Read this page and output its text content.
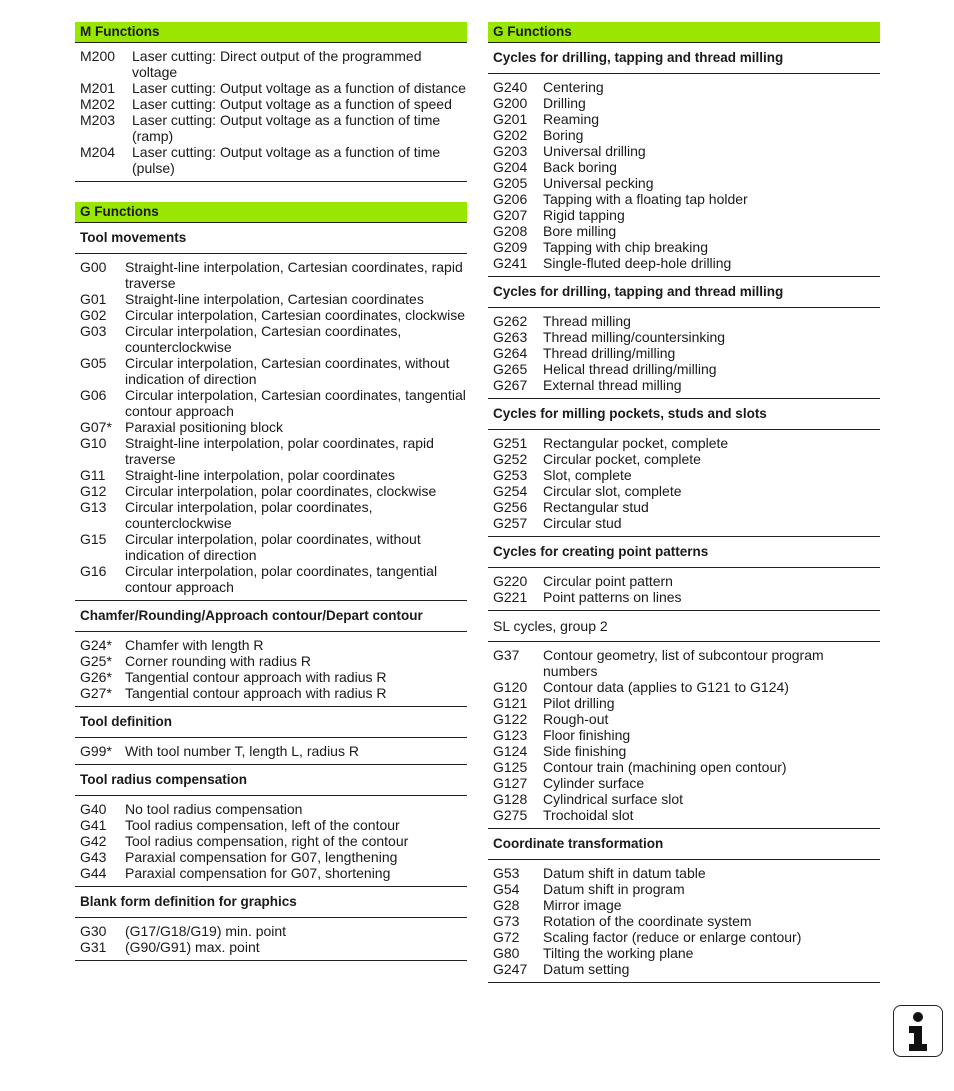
M Functions
M200	Laser cutting: Direct output of the programmed voltage
M201	Laser cutting: Output voltage as a function of distance
M202	Laser cutting: Output voltage as a function of speed
M203	Laser cutting: Output voltage as a function of time (ramp)
M204	Laser cutting: Output voltage as a function of time (pulse)
G Functions
Tool movements
G00	Straight-line interpolation, Cartesian coordinates, rapid traverse
G01	Straight-line interpolation, Cartesian coordinates
G02	Circular interpolation, Cartesian coordinates, clockwise
G03	Circular interpolation, Cartesian coordinates, counterclockwise
G05	Circular interpolation, Cartesian coordinates, without indication of direction
G06	Circular interpolation, Cartesian coordinates, tangential contour approach
G07* Paraxial positioning block
G10	Straight-line interpolation, polar coordinates, rapid traverse
G11	Straight-line interpolation, polar coordinates
G12	Circular interpolation, polar coordinates, clockwise
G13	Circular interpolation, polar coordinates, counterclockwise
G15	Circular interpolation, polar coordinates, without indication of direction
G16	Circular interpolation, polar coordinates, tangential contour approach
Chamfer/Rounding/Approach contour/Depart contour
G24* Chamfer with length R
G25* Corner rounding with radius R
G26* Tangential contour approach with radius R
G27* Tangential contour approach with radius R
Tool definition
G99* With tool number T, length L, radius R
Tool radius compensation
G40	No tool radius compensation
G41	Tool radius compensation, left of the contour
G42	Tool radius compensation, right of the contour
G43	Paraxial compensation for G07, lengthening
G44	Paraxial compensation for G07, shortening
Blank form definition for graphics
G30	(G17/G18/G19) min. point
G31	(G90/G91) max. point
G Functions
Cycles for drilling, tapping and thread milling
G240	Centering
G200	Drilling
G201	Reaming
G202	Boring
G203	Universal drilling
G204	Back boring
G205	Universal pecking
G206	Tapping with a floating tap holder
G207	Rigid tapping
G208	Bore milling
G209	Tapping with chip breaking
G241	Single-fluted deep-hole drilling
Cycles for drilling, tapping and thread milling
G262	Thread milling
G263	Thread milling/countersinking
G264	Thread drilling/milling
G265	Helical thread drilling/milling
G267	External thread milling
Cycles for milling pockets, studs and slots
G251	Rectangular pocket, complete
G252	Circular pocket, complete
G253	Slot, complete
G254	Circular slot, complete
G256	Rectangular stud
G257	Circular stud
Cycles for creating point patterns
G220	Circular point pattern
G221	Point patterns on lines
SL cycles, group 2
G37	Contour geometry, list of subcontour program numbers
G120	Contour data (applies to G121 to G124)
G121	Pilot drilling
G122	Rough-out
G123	Floor finishing
G124	Side finishing
G125	Contour train (machining open contour)
G127	Cylinder surface
G128	Cylindrical surface slot
G275	Trochoidal slot
Coordinate transformation
G53	Datum shift in datum table
G54	Datum shift in program
G28	Mirror image
G73	Rotation of the coordinate system
G72	Scaling factor (reduce or enlarge contour)
G80	Tilting the working plane
G247	Datum setting
